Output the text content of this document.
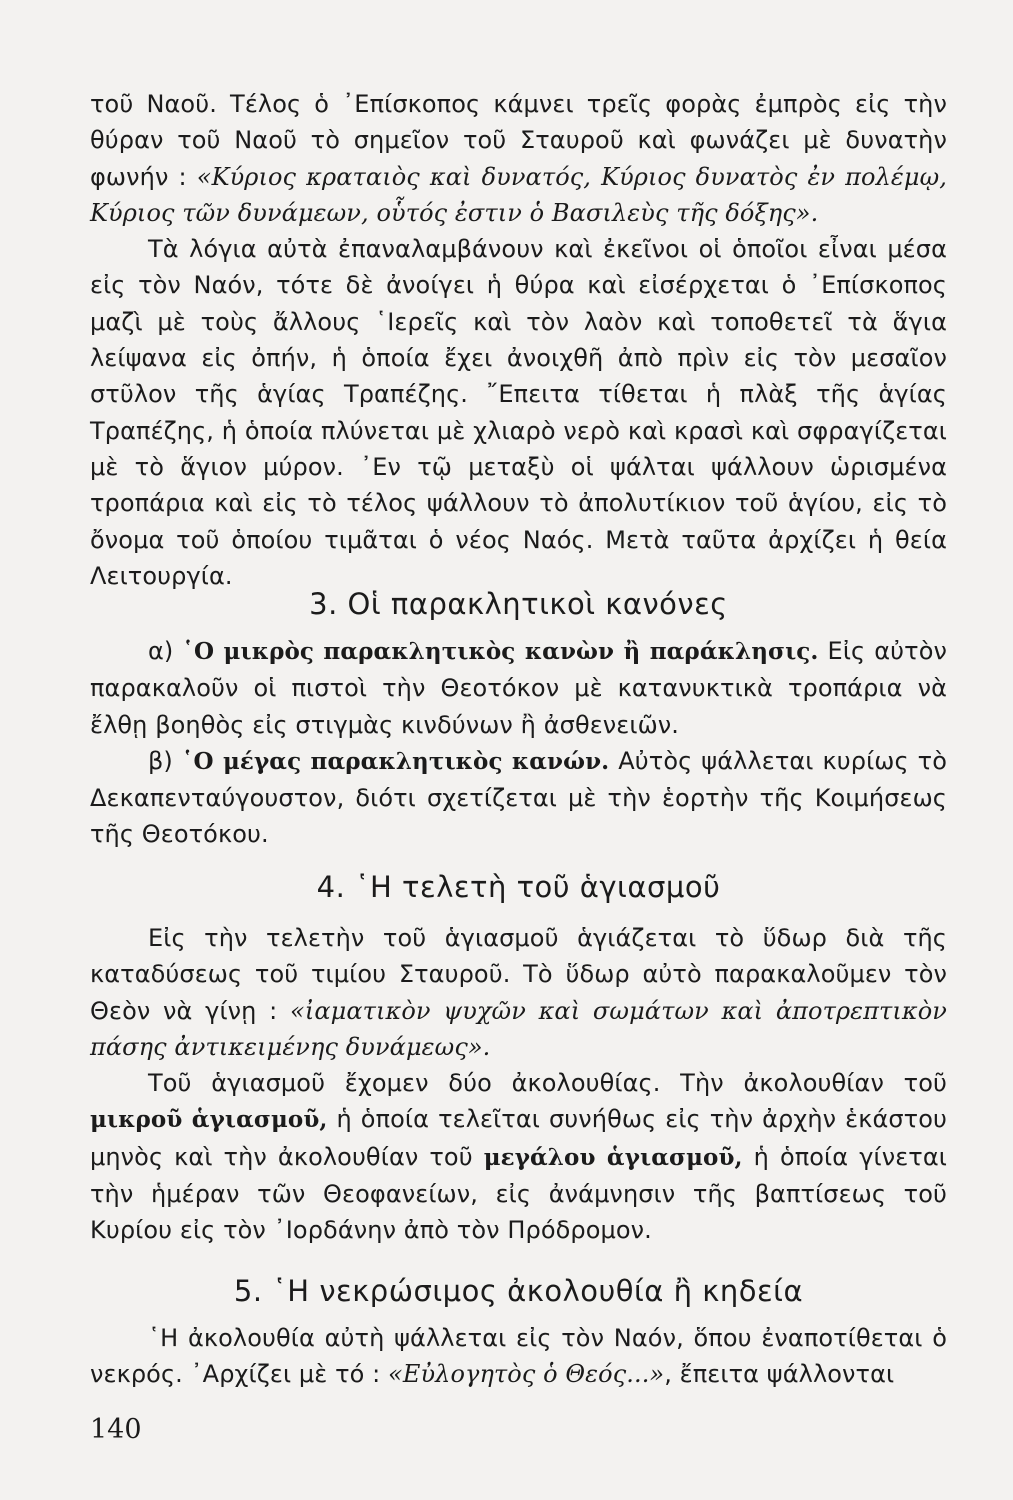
τοῦ Ναοῦ. Τέλος ὁ ᾿Επίσκοπος κάμνει τρεῖς φορὰς ἐμπρὸς εἰς τὴν θύραν τοῦ Ναοῦ τὸ σημεῖον τοῦ Σταυροῦ καὶ φωνάζει μὲ δυνατὴν φωνήν : «Κύριος κραταιὸς καὶ δυνατός, Κύριος δυνατὸς ἐν πολέμῳ, Κύριος τῶν δυνάμεων, οὗτός ἐστιν ὁ Βασιλεὺς τῆς δόξης».

Τὰ λόγια αὐτὰ ἐπαναλαμβάνουν καὶ ἐκεῖνοι οἱ ὁποῖοι εἶναι μέσα εἰς τὸν Ναόν, τότε δὲ ἀνοίγει ἡ θύρα καὶ εἰσέρχεται ὁ ᾿Επίσκοπος μαζὶ μὲ τοὺς ἄλλους ῾Ιερεῖς καὶ τὸν λαὸν καὶ τοποθετεῖ τὰ ἅγια λείψανα εἰς ὀπήν, ἡ ὁποία ἔχει ἀνοιχθῆ ἀπὸ πρὶν εἰς τὸν μεσαῖον στῦλον τῆς ἁγίας Τραπέζης. ῎Επειτα τίθεται ἡ πλὰξ τῆς ἁγίας Τραπέζης, ἡ ὁποία πλύνεται μὲ χλιαρὸ νερὸ καὶ κρασὶ καὶ σφραγίζεται μὲ τὸ ἅγιον μύρον. ᾿Εν τῷ μεταξὺ οἱ ψάλται ψάλλουν ὡρισμένα τροπάρια καὶ εἰς τὸ τέλος ψάλλουν τὸ ἀπολυτίκιον τοῦ ἁγίου, εἰς τὸ ὄνομα τοῦ ὁποίου τιμᾶται ὁ νέος Ναός. Μετὰ ταῦτα ἀρχίζει ἡ θεία Λειτουργία.

3. Οἱ παρακλητικοὶ κανόνες

α) ῾Ο μικρὸς παρακλητικὸς κανὼν ἢ παράκλησις. Εἰς αὐτὸν παρακαλοῦν οἱ πιστοὶ τὴν Θεοτόκον μὲ κατανυκτικὰ τροπάρια νὰ ἔλθῃ βοηθὸς εἰς στιγμὰς κινδύνων ἢ ἀσθενειῶν.

β) ῾Ο μέγας παρακλητικὸς κανών. Αὐτὸς ψάλλεται κυρίως τὸ Δεκαπενταύγουστον, διότι σχετίζεται μὲ τὴν ἑορτὴν τῆς Κοιμήσεως τῆς Θεοτόκου.

4. ῾Η τελετὴ τοῦ ἁγιασμοῦ

Εἰς τὴν τελετὴν τοῦ ἁγιασμοῦ ἁγιάζεται τὸ ὕδωρ διὰ τῆς καταδύσεως τοῦ τιμίου Σταυροῦ. Τὸ ὕδωρ αὐτὸ παρακαλοῦμεν τὸν Θεὸν νὰ γίνῃ : «ἰαματικὸν ψυχῶν καὶ σωμάτων καὶ ἀποτρεπτικὸν πάσης ἀντικειμένης δυνάμεως».

Τοῦ ἁγιασμοῦ ἔχομεν δύο ἀκολουθίας. Τὴν ἀκολουθίαν τοῦ μικροῦ ἁγιασμοῦ, ἡ ὁποία τελεῖται συνήθως εἰς τὴν ἀρχὴν ἑκάστου μηνὸς καὶ τὴν ἀκολουθίαν τοῦ μεγάλου ἁγιασμοῦ, ἡ ὁποία γίνεται τὴν ἡμέραν τῶν Θεοφανείων, εἰς ἀνάμνησιν τῆς βαπτίσεως τοῦ Κυρίου εἰς τὸν ᾿Ιορδάνην ἀπὸ τὸν Πρόδρομον.

5. ῾Η νεκρώσιμος ἀκολουθία ἢ κηδεία

῾Η ἀκολουθία αὐτὴ ψάλλεται εἰς τὸν Ναόν, ὅπου ἐναποτίθεται ὁ νεκρός. ᾿Αρχίζει μὲ τό : «Εὐλογητὸς ὁ Θεός...», ἔπειτα ψάλλονται

140
